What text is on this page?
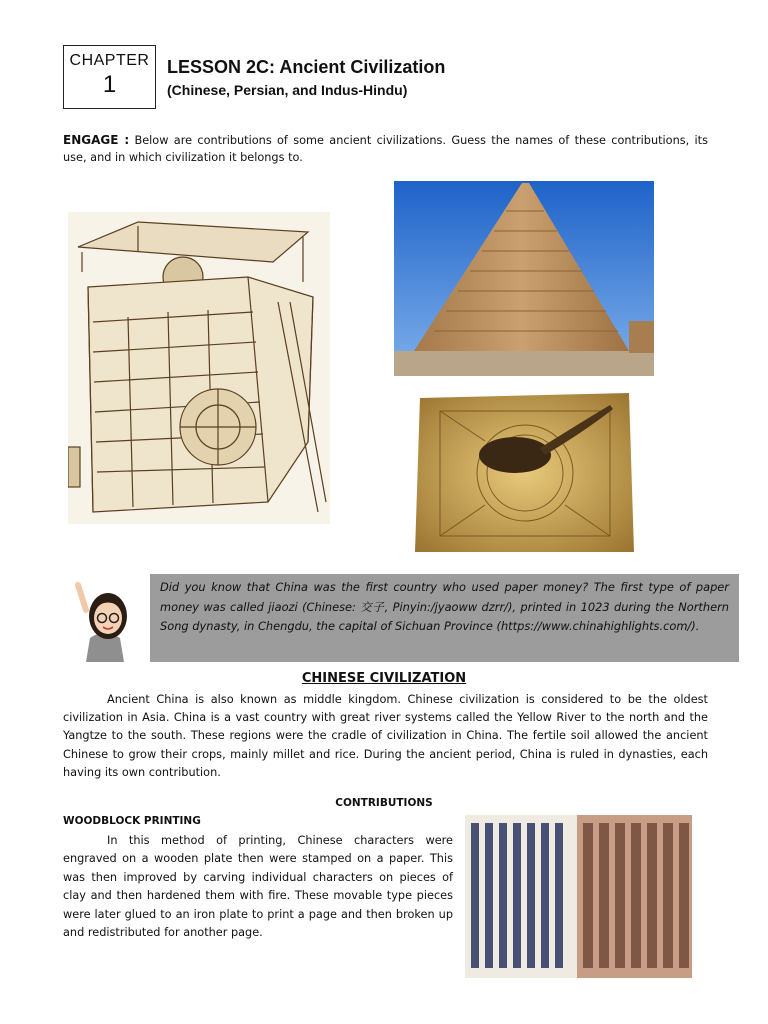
CHAPTER
1
LESSON 2C: Ancient Civilization
(Chinese, Persian, and Indus-Hindu)
ENGAGE : Below are contributions of some ancient civilizations. Guess the names of these contributions, its use, and in which civilization it belongs to.
Did you know that China was the first country who used paper money? The first type of paper money was called jiaozi (Chinese: 交子, Pinyin:/jyaoww dzrr/), printed in 1023 during the Northern Song dynasty, in Chengdu, the capital of Sichuan Province (https://www.chinahighlights.com/).
CHINESE CIVILIZATION
Ancient China is also known as middle kingdom. Chinese civilization is considered to be the oldest civilization in Asia. China is a vast country with great river systems called the Yellow River to the north and the Yangtze to the south. These regions were the cradle of civilization in China. The fertile soil allowed the ancient Chinese to grow their crops, mainly millet and rice. During the ancient period, China is ruled in dynasties, each having its own contribution.
CONTRIBUTIONS
WOODBLOCK PRINTING
In this method of printing, Chinese characters were engraved on a wooden plate then were stamped on a paper. This was then improved by carving individual characters on pieces of clay and then hardened them with fire. These movable type pieces were later glued to an iron plate to print a page and then broken up and redistributed for another page.
